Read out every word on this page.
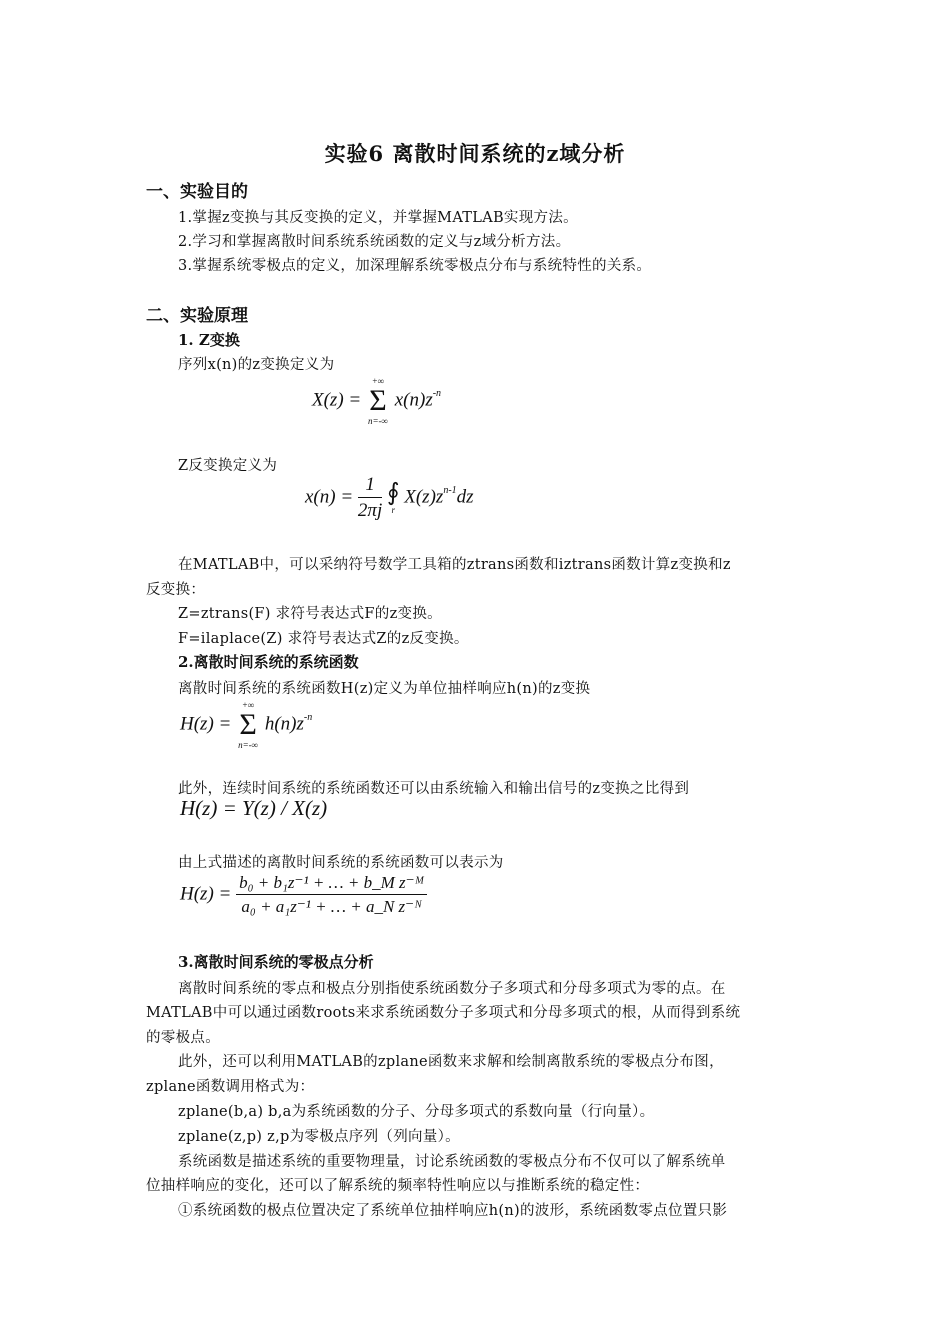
实验6 离散时间系统的z域分析
一、实验目的
1.掌握z变换与其反变换的定义，并掌握MATLAB实现方法。
2.学习和掌握离散时间系统系统函数的定义与z域分析方法。
3.掌握系统零极点的定义，加深理解系统零极点分布与系统特性的关系。
二、实验原理
1. Z变换
序列x(n)的z变换定义为
X(z) =
+∞
Σ
n=-∞
$x(n)z^{-n}$
Z反变换定义为
$x(n) = \frac{1}{2\pi j}$
∮
r
$X(z)z^{n-1}dz$
在MATLAB中，可以采纳符号数学工具箱的ztrans函数和iztrans函数计算z变换和z
反变换：
Z=ztrans(F) 求符号表达式F的z变换。
F=ilaplace(Z) 求符号表达式Z的z反变换。
2.离散时间系统的系统函数
离散时间系统的系统函数H(z)定义为单位抽样响应h(n)的z变换
H(z) =
+∞
Σ
n=-∞
$h(n)z^{-n}$
此外，连续时间系统的系统函数还可以由系统输入和输出信号的z变换之比得到
H(z) = Y(z) / X(z)
由上式描述的离散时间系统的系统函数可以表示为
$H(z) = \frac{\text{b₀ + b₁z⁻¹ + … + b\_M z⁻ᴹ}}{\text{a₀ + a₁z⁻¹ + … + a\_N z⁻ᴺ}}$
3.离散时间系统的零极点分析
离散时间系统的零点和极点分别指使系统函数分子多项式和分母多项式为零的点。在
MATLAB中可以通过函数roots来求系统函数分子多项式和分母多项式的根，从而得到系统
的零极点。
此外，还可以利用MATLAB的zplane函数来求解和绘制离散系统的零极点分布图，
zplane函数调用格式为：
zplane(b,a) b,a为系统函数的分子、分母多项式的系数向量（行向量）。
zplane(z,p) z,p为零极点序列（列向量）。
系统函数是描述系统的重要物理量，讨论系统函数的零极点分布不仅可以了解系统单
位抽样响应的变化，还可以了解系统的频率特性响应以与推断系统的稳定性：
①系统函数的极点位置决定了系统单位抽样响应h(n)的波形，系统函数零点位置只影
